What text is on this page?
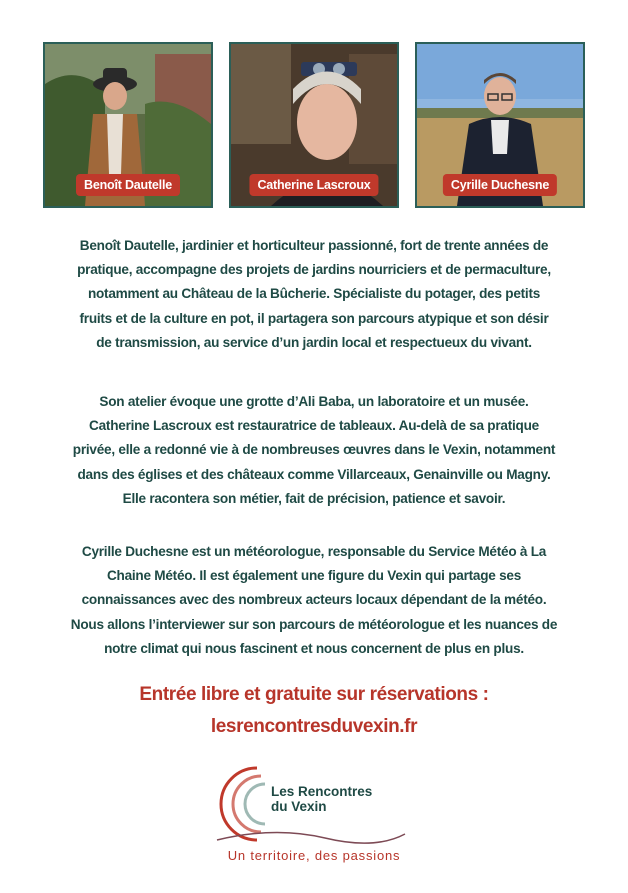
Benoît Dautelle	Catherine Lascroux	Cyrille Duchesne

Benoît Dautelle, jardinier et horticulteur passionné, fort de trente années de

pratique, accompagne des projets de jardins nourriciers et de permaculture,

notamment au Château de la Bûcherie. Spécialiste du potager, des petits

fruits et de la culture en pot, il partagera son parcours atypique et son désir

de transmission, au service d’un jardin local et respectueux du vivant.

Son atelier évoque une grotte d’Ali Baba, un laboratoire et un musée.

Catherine Lascroux est restauratrice de tableaux. Au-delà de sa pratique

privée, elle a redonné vie à de nombreuses œuvres dans le Vexin, notamment

dans des églises et des châteaux comme Villarceaux, Genainville ou Magny.

Elle racontera son métier, fait de précision, patience et savoir.

Cyrille Duchesne est un météorologue, responsable du Service Météo à La

Chaine Météo. Il est également une figure du Vexin qui partage ses

connaissances avec des nombreux acteurs locaux dépendant de la météo.

Nous allons l’interviewer sur son parcours de météorologue et les nuances de

notre climat qui nous fascinent et nous concernent de plus en plus.

Entrée libre et gratuite sur réservations :
lesrencontresduvexin.fr
Les Rencontres
du Vexin
Un territoire, des passions
